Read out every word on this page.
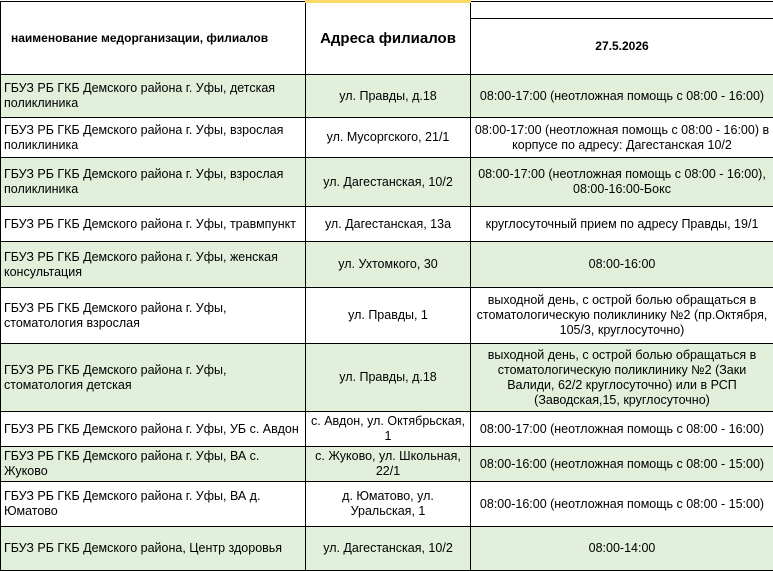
наименование медорганизации, филиалов	Адреса филиалов	27.5.2026

ГБУЗ РБ ГКБ Демского района г. Уфы, детская поликлиника	ул. Правды, д.18	08:00-17:00 (неотложная помощь с 08:00 - 16:00)
ГБУЗ РБ ГКБ Демского района г. Уфы, взрослая поликлиника	ул. Мусоргского, 21/1	08:00-17:00 (неотложная помощь с 08:00 - 16:00) в корпусе по адресу: Дагестанская 10/2
ГБУЗ РБ ГКБ Демского района г. Уфы, взрослая поликлиника	ул. Дагестанская, 10/2	08:00-17:00 (неотложная помощь с 08:00 - 16:00), 08:00-16:00-Бокс
ГБУЗ РБ ГКБ Демского района г. Уфы, травмпункт	ул. Дагестанская, 13а	круглосуточный прием по адресу Правды, 19/1
ГБУЗ РБ ГКБ Демского района г. Уфы, женская консультация	ул. Ухтомкого, 30	08:00-16:00
ГБУЗ РБ ГКБ Демского района г. Уфы, стоматология взрослая	ул. Правды, 1	выходной день, с острой болью обращаться в стоматологическую поликлинику №2 (пр.Октября, 105/3, круглосуточно)
ГБУЗ РБ ГКБ Демского района г. Уфы, стоматология детская	ул. Правды, д.18	выходной день, с острой болью обращаться в стоматологическую поликлинику №2 (Заки Валиди, 62/2 круглосуточно) или в РСП (Заводская,15, круглосуточно)
ГБУЗ РБ ГКБ Демского района г. Уфы, УБ с. Авдон	с. Авдон, ул. Октябрьская, 1	08:00-17:00 (неотложная помощь с 08:00 - 16:00)
ГБУЗ РБ ГКБ Демского района г. Уфы, ВА с. Жуково	с. Жуково, ул. Школьная, 22/1	08:00-16:00 (неотложная помощь с 08:00 - 15:00)
ГБУЗ РБ ГКБ Демского района г. Уфы, ВА д. Юматово	д. Юматово, ул. Уральская, 1	08:00-16:00 (неотложная помощь с 08:00 - 15:00)
ГБУЗ РБ ГКБ Демского района, Центр здоровья	ул. Дагестанская, 10/2	08:00-14:00
